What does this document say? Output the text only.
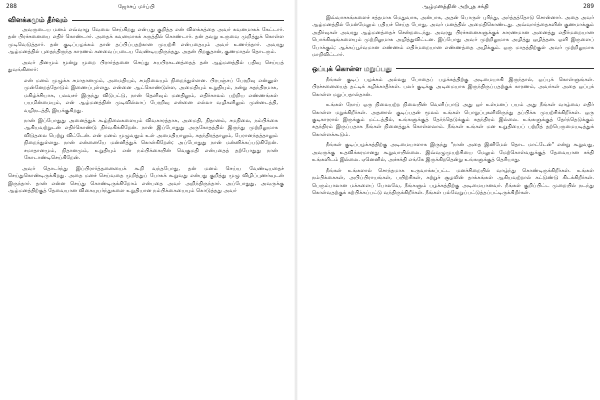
288	ஜோசப் மர்ப்பி
விளக்கமும் தீர்வும்

அவருடைய மனம் எவ்வாறு வேலை செய்கிறது என்பது குறித்த என் விளக்கத்தை அவர் கவனமாகக் கேட்டார். தன் பிரச்சனையை எதிர் கொண்டார். அதைக் கவனமாகக் கருத்தில் கொண்டார். தன் தவறு உருவை முறித்துக் கொள்ள முடிவெடுத்தார். தன் குடிப்பழக்கம் தான் தப்பிப்பதற்கான முயற்சி என்பதையும் அவர் உணர்ந்தார். அவரது ஆழ்மனத்தில் புதைந்திருந்த காரணம் கனவைப்படைய வேண்டியதிருந்தது. அதன் பிறகுதான், குணமாதல் தொடரும்.

அவர் தினமும் மூன்று முறை பிரார்த்தனை செய்து சுயபிரகடனத்தைத் தன் ஆழ்மனத்தில் பதிவு செய்யத் துவங்கினார்:

என் மனம் முழுக்க சமாதானமும், அமைதியும், சமநிலையும் நிறைந்துள்ளன. பிரபஞ்சப் பேரறிவு என்னுள் முன்னேறத்தோடும் இணைப்புள்ளது. என்னை ஆட்கொண்டுள்ள, அமைதியும் உறுதியும், நன்று சுதந்திரமாக, மகிழ்ச்சியாக, பலவசர் இருந்து விடுபட்டு, நான் தெளிவும் மனதிலும், எதிர்காலம் பற்றிய எண்ணங்கள் பயமின்மையும், என் ஆழ்மனத்தின் முடிவில்லாப் பேரறிவு என்னை எல்லா வழிகளிலும் முன்னடத்தி, வழிநடத்தி, இயக்குகிறது.

நான் இப்போதுது அனைத்துக் கூழ்நிலைகளையும் விவகாரத்தாக, அமைதி, நிதானம், சமநிலை, நம்பிக்கை ஆகியவற்றுடன் எதிர்கொண்டு நிர்வகிக்கிறேன். நான் இப்போதுது அருகோதத்தில் இருந்து முற்றிலுமாக விடுதலை பெற்று விட்டேன். என் மனம் முழுவதும் உள் அமைதியாலும், சுதந்திரத்தாலும், பேரானந்தத்தாலும் நிறைந்துள்ளது. நான் என்னையே மன்னித்துக் கொள்கிறேன்; அப்போதுது நான் மன்னிக்கப்படுகிறேன். சமாதானமும், நிதானமும், உறுதியும் என் நம்பிக்கையின் வெகுமதி என்பதைத் தற்போதுது நான் கோடாண்டிசெய்கிறேன்.

அவர் தொடர்ந்து இப்பிரார்த்தனையைக் கூறி வந்தபோது, தன் மனம் செய்ய வேண்டியதைச் செய்துகொண்டிருக்கிறது. அதை மனச் செய்வதை முறித்துப் போகக் கூறுவது என்பது குறித்து முழு விழிப்புணர்வுடன் இருந்தார். தான் என்ன செய்து கொண்டிருக்கிறோம் என்பதை அவர் அறிந்திருந்தார். அப்போதுது, அவருக்கு ஆழ்மனத்திற்குத் தேவையான விகையுயர்ந்துகளை உறுதியான நம்பிக்கையையும் கொடுத்தது அவர்

ஆழ்மனத்தின் அற்புத சக்தி	289

இவ்வாசகங்களைச் சத்தமாக மெதுவாக, அன்பாக, அதன் பொருள் புரிந்து, அர்த்தத்தோடு சொன்னார். அதை அவர் ஆழ்மனத்தில் மேன்மேலும் பதியச் செய்த போது, அவர் மனத்தில் அமைதிகொண்டது. அவ்வார்த்தைகளின் குணமாக்கும் அதிர்வுகள் அவரது ஆழ்மனத்தைச் சென்றடைந்து. அவரது பிரச்சனைகளுக்குக் காரணமான அனைத்து எதிர்மறையான பொக்கிஷங்களையும் முற்றிலுமாக அழித்துவிட்டன. இப்போது அவர் முற்றிலுமாக அழித்து ஒழித்தன. ஒளி இருளைப் போக்கும்; ஆக்கப்பூர்வமான எண்ணம் எதிர்மறையான எண்ணத்தை அழிக்கும். ஒரு மாதத்திற்குள் அவர் முற்றிலுமாக மாறிவிட்டார்.

ஒப்புக் கொள்ள மறுப்பது

நீங்கள் குடிப் பழக்கம் அல்லது போதைப் பழக்கத்திற்கு அடிமையாகி இருந்தால், ஒப்புக் கொள்ளுங்கள். பிரச்சனையைத் தட்டிக் கழிக்காதீர்கள். பலர் குடிக்கு அடிமையாக இருந்திருப்பதற்குக் காரணம், அவர்கள் அதை ஒப்புக் கொள்ள மறுப்பதால்தான்.

உங்கள் நோய் ஒரு நிலையற்ற நிலையின் வெளிப்பாடு அது ஒர் உள்மனப் பயம் அது நீங்கள் வாழ்வை எதிர் கொள்ள மறுக்கிறீர்கள். அதனால் குடிப்பதன் மூலம் உங்கள் பொறுப்புகளிலிருந்து தப்பிக்க முயற்சிக்கிறீர்கள். ஒரு குடிகாரரால் இருக்கும் மட்டத்தில், உங்களுக்குத் தேர்ந்தெடுக்கும் சுதந்திரம் இல்லை. உங்களுக்குத் தேர்ந்தெடுக்கும் சுதந்திரம் இருப்பதாக நீங்கள் நினைத்துக் கொள்ளலாம். நீங்கள் உங்கள் மன உறுதியைப் பற்றித் தற்பெருமையடித்துக் கொள்ளக்கூடும்.

நீங்கள் குடிப்பழக்கத்திற்கு அடிமையாளாக இருந்து "நான் அதை இனிமேல் தொட மாட்டேன்" என்று கூறுவது, அவருக்கு உதவிக்கரமானது கூறுவாயில்லை. இவ்வழுமுயற்சியை மேலும் மேற்கொள்வதுக்குத் தேவையான சக்தி உங்களிடம் இல்லை. ஏனெனில், அச்சக்தி எங்கே இருக்கிறதென்று உங்களுக்குத் தெரியாது.

நீங்கள் உங்களால் சொந்தமாக உருவாக்கப்பட்ட மனச்சிறையில் வாழ்ந்து கொண்டிருக்கிறீர்கள். உங்கள் நம்பிக்கைகள், அபிப்பிராயங்கள், பயிற்சிகள், சுற்றுச் சூழலின் தாக்கங்கள் ஆகியவற்றால் கட்டுண்டு கிடக்கிறீர்கள். பெரும்பாலான மக்களைப் போலவே, நீங்களும் பழக்கத்திற்கு அடிமையானவர். நீங்கள் குறிப்பிட்ட முறையில் நடந்து கொள்வதற்குக் கற்பிக்கப்பட்டு வந்திருக்கிறீர்கள். நீங்கள் பல்வேறுப்பட்டுத்தப்பட்டிருக்கிறீர்கள்.
